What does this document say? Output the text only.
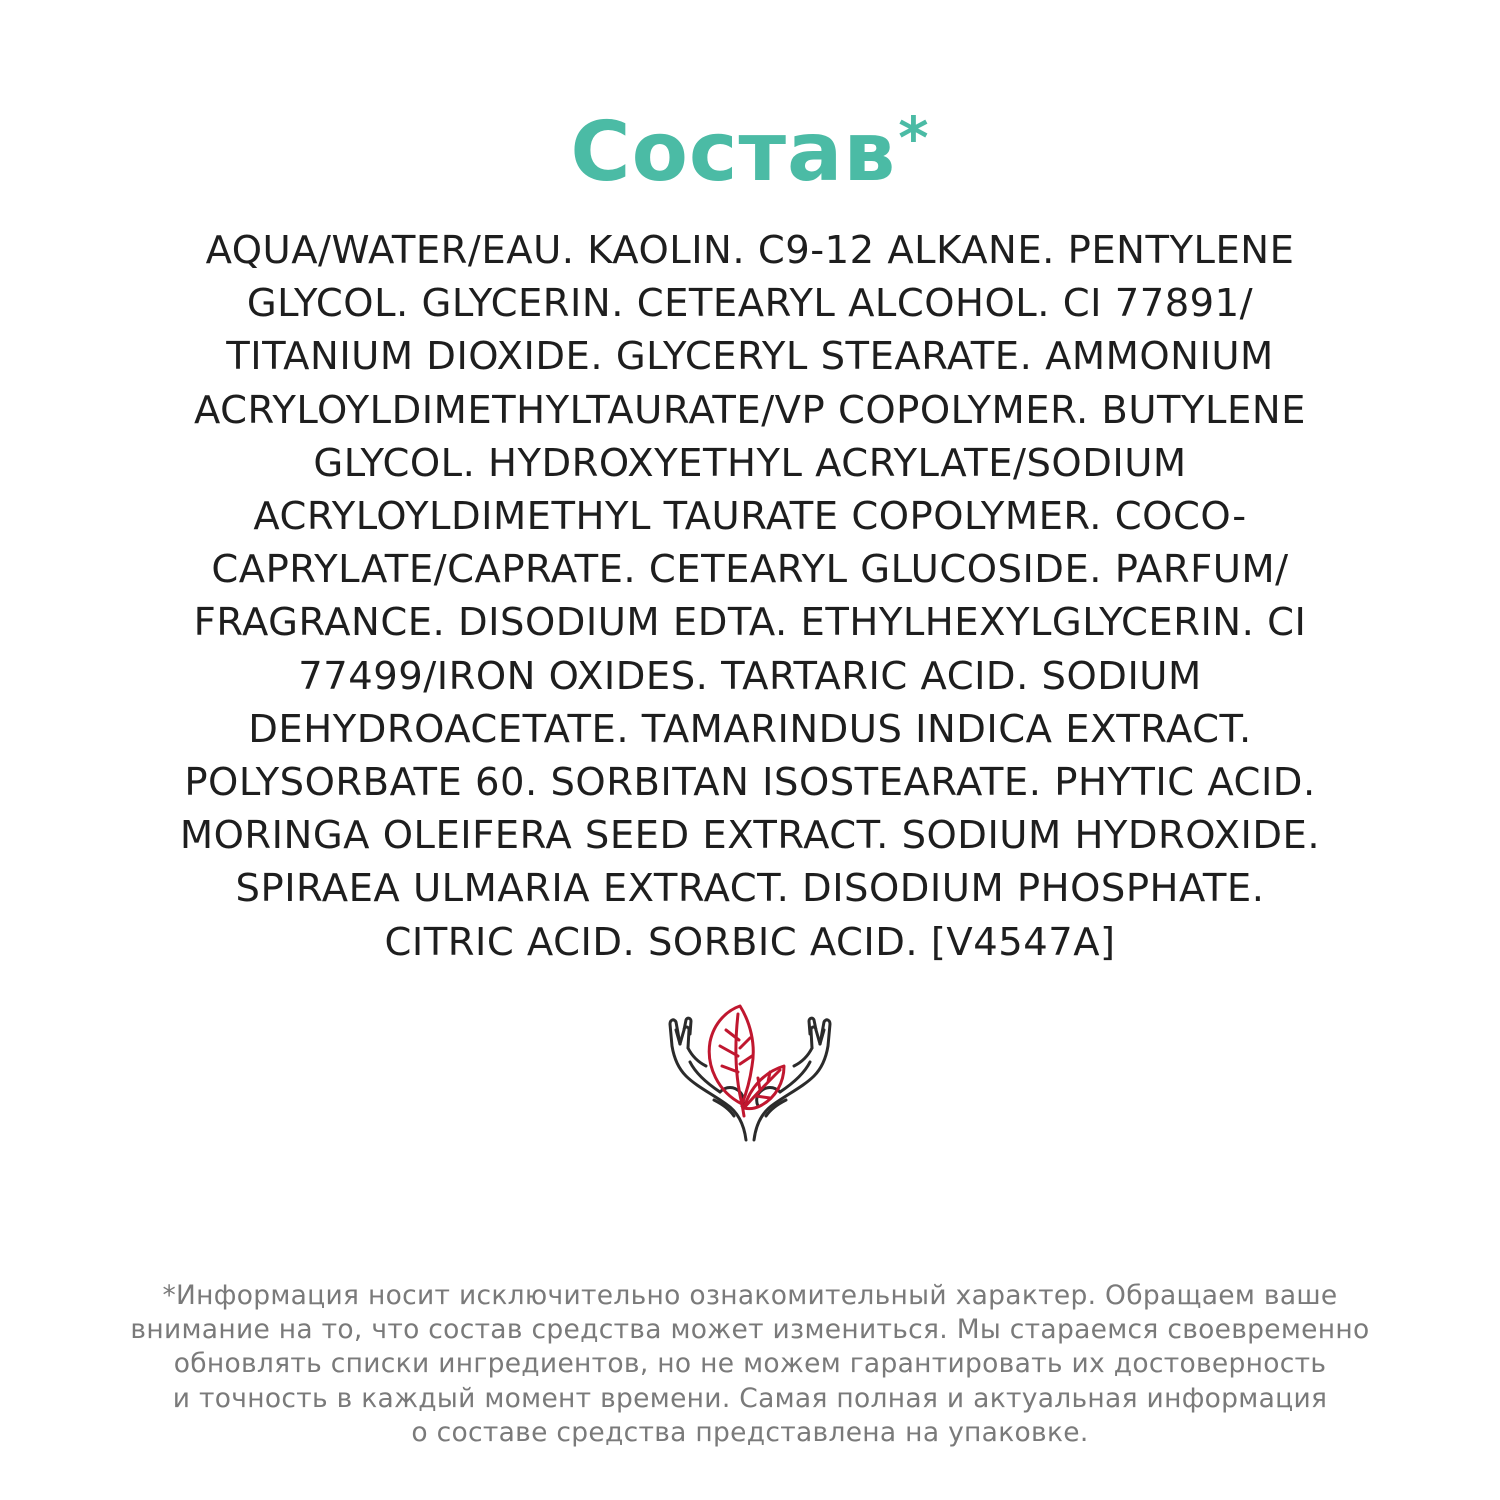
Состав*
AQUA/WATER/EAU. KAOLIN. C9-12 ALKANE. PENTYLENE
GLYCOL. GLYCERIN. CETEARYL ALCOHOL. CI 77891/
TITANIUM DIOXIDE. GLYCERYL STEARATE. AMMONIUM
ACRYLOYLDIMETHYLTAURATE/VP COPOLYMER. BUTYLENE
GLYCOL. HYDROXYETHYL ACRYLATE/SODIUM
ACRYLOYLDIMETHYL TAURATE COPOLYMER. COCO-
CAPRYLATE/CAPRATE. CETEARYL GLUCOSIDE. PARFUM/
FRAGRANCE. DISODIUM EDTA. ETHYLHEXYLGLYCERIN. CI
77499/IRON OXIDES. TARTARIC ACID. SODIUM
DEHYDROACETATE. TAMARINDUS INDICA EXTRACT.
POLYSORBATE 60. SORBITAN ISOSTEARATE. PHYTIC ACID.
MORINGA OLEIFERA SEED EXTRACT. SODIUM HYDROXIDE.
SPIRAEA ULMARIA EXTRACT. DISODIUM PHOSPHATE.
CITRIC ACID. SORBIC ACID. [V4547A]
*Информация носит исключительно ознакомительный характер. Обращаем ваше
внимание на то, что состав средства может измениться. Мы стараемся своевременно
обновлять списки ингредиентов, но не можем гарантировать их достоверность
и точность в каждый момент времени. Самая полная и актуальная информация
о составе средства представлена на упаковке.
